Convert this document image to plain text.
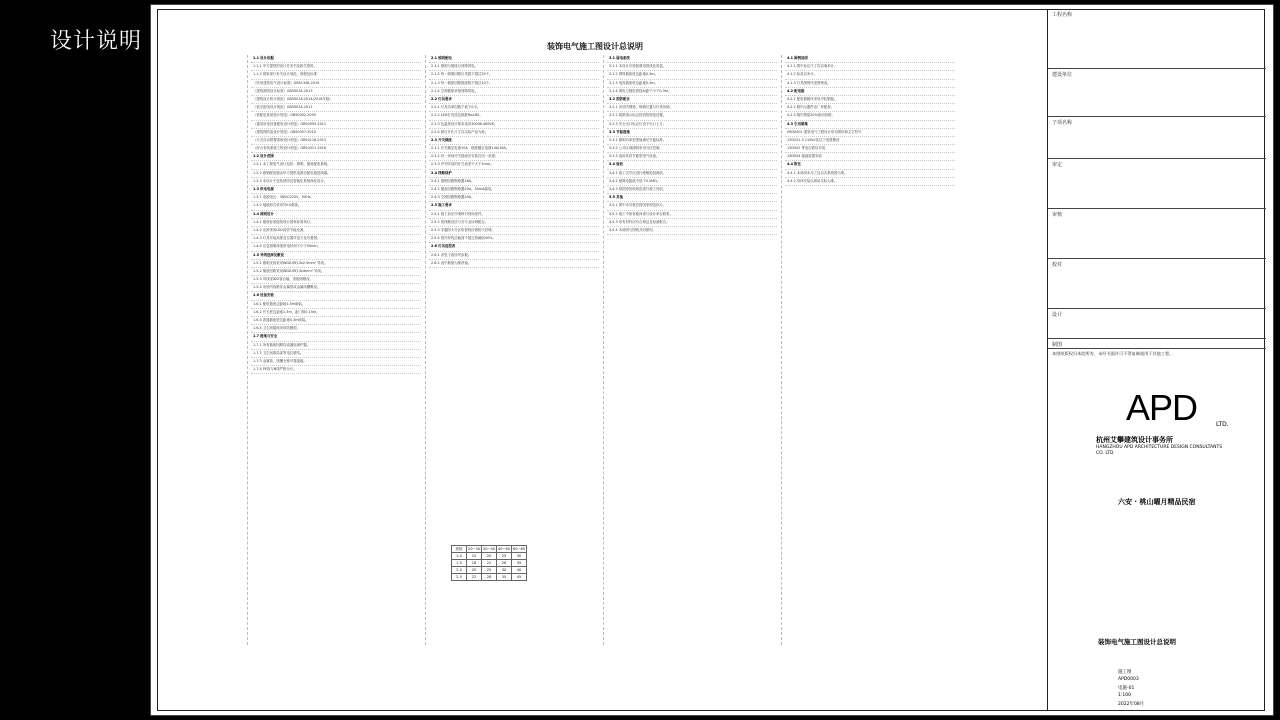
设计说明	装饰电气施工图设计总说明
1.1 设计依据
1.1.1 甲方提供的设计任务书及相关资料。
1.1.2 国家现行有关设计规范、规程及标准：
《民用建筑电气设计标准》GB51348-2019
《建筑照明设计标准》GB50034-2013
《建筑设计防火规范》GB50016-2014(2018年版)
《低压配电设计规范》GB50054-2011
《供配电系统设计规范》GB50052-2009
《通用用电设备配电设计规范》GB50055-2011
《建筑物防雷设计规范》GB50057-2010
《火灾自动报警系统设计规范》GB50116-2013
《综合布线系统工程设计规范》GB50311-2016
1.2 设计范围
1.2.1 本工程电气设计包括：照明、插座配电系统。
1.2.2 照明配电箱由甲方提供电源至配电箱进线端。
1.2.3 本设计不包括消防及智能化系统深化设计。
1.3 供电电源
1.3.1 电源电压：380V/220V，50Hz。
1.3.2 接地形式采用TN-S系统。
1.4 照明设计
1.4.1 照度标准值按现行国家标准执行。
1.4.2 光源采用LED高效节能光源。
1.4.3 灯具安装高度及位置详见天花布置图。
1.4.4 应急照明持续供电时间不小于90min。
1.5 导线选择及敷设
1.5.1 照明支线采用WDZ-BYJ-3x2.5mm² 导线。
1.5.2 插座回路采用WDZ-BYJ-3x4mm² 导线。
1.5.3 导线穿JDG管沿墙、顶板暗敷设。
1.5.4 吊顶内线路穿金属管或金属线槽敷设。
1.6 设备安装
1.6.1 配电箱底边距地1.5m暗装。
1.6.2 开关底边距地1.3m，距门框0.15m。
1.6.3 普通插座底边距地0.3m暗装。
1.6.4 卫生间插座采用防溅型。
1.7 接地与安全
1.7.1 所有插座回路均设漏电保护器。
1.7.2 卫生间做局部等电位联结。
1.7.3 金属管、线槽全程可靠接地。
1.7.4 PE线与N线严格分开。
2.1 照明配电
2.1.1 照明与插座分回路供电。
2.1.2 每一照明回路灯具数不超过25个。
2.1.3 每一插座回路插座数不超过10个。
2.1.4 空调插座单独回路供电。
2.2 灯具要求
2.2.1 灯具功率因数不低于0.9。
2.2.2 LED灯具显色指数Ra≥80。
2.2.3 色温按设计要求选用3000K-4000K。
2.2.4 筒灯开孔尺寸以实际产品为准。
2.3 开关插座
2.3.1 开关额定电流10A，插座额定电流10A/16A。
2.3.2 同一房间开关插座应安装在同一高度。
2.3.3 并列安装的开关高差不大于1mm。
2.4 线路保护
2.4.1 照明回路断路器16A。
2.4.2 插座回路断路器20A，30mA漏电。
2.4.3 空调回路断路器25A。
2.5 施工要求
2.5.1 施工前应仔细核对现场条件。
2.5.2 管线敷设应与各专业协调配合。
2.5.3 穿越防火分区的管线应做防火封堵。
2.5.4 管内导线总截面不超过管截面40%。
2.6 灯具选型表
2.6.1 详见下表所列参数。
2.6.2 表中数值为推荐值。
3.1 弱电系统
3.1.1 本设计仅预留弱电管线及底盒。
3.1.2 网络插座底边距地0.3m。
3.1.3 电视插座底边距地0.3m。
3.1.4 弱电与强电管线间距不小于0.3m。
3.2 消防配合
3.2.1 吊顶内烟感、喷淋位置与灯具协调。
3.2.2 疏散指示标志按消防规范设置。
3.2.3 安全出口标志灯设于出口上方。
3.3 节能措施
3.3.1 照明功率密度值满足节能标准。
3.3.2 公共区域照明采用分区控制。
3.3.3 选用高效节能型电气设备。
3.4 验收
3.4.1 施工完毕应进行绝缘电阻测试。
3.4.2 绝缘电阻值不低于0.5MΩ。
3.4.3 按国家验收规范进行竣工验收。
3.5 其他
3.5.1 图中未尽事宜按国家规范执行。
3.5.2 施工中如有疑问请与设计单位联系。
3.5.3 所有材料应有合格证及检测报告。
3.5.4 本说明与图纸共同使用。
4.1 图例说明
4.1.1 图中标注尺寸均以毫米计。
4.1.2 标高以米计。
4.1.3 灯具图例详见图例表。
4.2 配电箱
4.2.1 配电箱箱体采用冷轧钢板。
4.2.2 箱内元器件由厂家配套。
4.2.3 箱内预留20%备用回路。
4.3 引用图集
09DX001 建筑电气工程设计常用图形和文字符号
12D101-5 110kV及以下电缆敷设
15D502 等电位联结安装
14D504 接地装置安装
4.4 附注
4.4.1 本说明未尽之处以各系统图为准。
4.4.2 具体安装以现场实际为准。
规格	20~30	30~40	40~60	60~80
1.0	15	20	25	30
1.5	18	22	28	35
2.0	20	25	30	40
2.5	22	28	35	45
工程名称
建设单位
子项名称
审定
审核
校对
设计
制图
本图纸版权归本院所有，未经书面许可不得复制或用于其他工程。
APD	LTD.
杭州艾攀建筑设计事务所
HANGZHOU APD ARCHITECTURE DESIGN CONSULTANTS CO. LTD
六安 · 桃山曜月精品民宿
装饰电气施工图设计总说明
施工图
APD0003
电施-01
1:100
2022年08月
